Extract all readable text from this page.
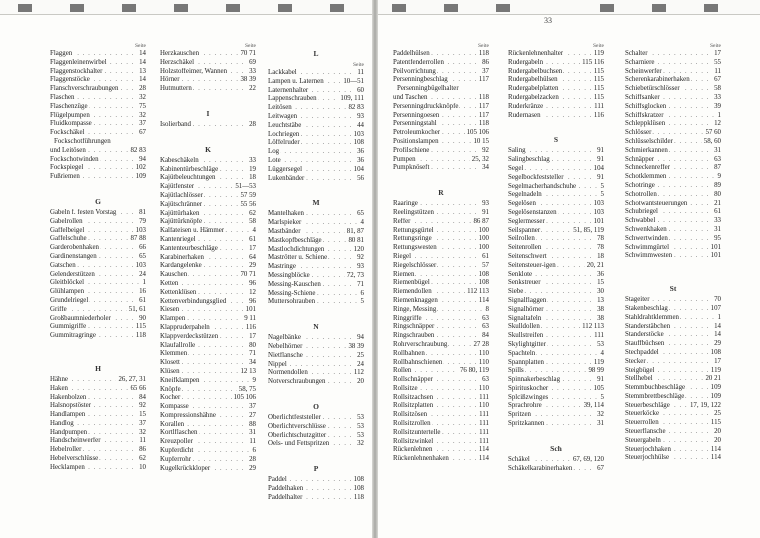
33
Seite
Flaggen	14
. . .
Flaggenleinenwirbel	14
. . .
Flaggenstockhalter	13
. . .
Flaggenstöcke	14
. . .
Flanschverschraubungen	28
. . .
Flaschen	32
. . .
Flaschenzüge	75
. . .
Flügelpumpen	32
. . .
Fluidkompasse	37
. . .
Fockschäkel	67
. . .
Fockschotführungen
und Leitösen	82 83
. . .
Fockschotwinden	94
. . .
Fockspiegel	102
. . .
Fußriemen	109
. . .
G
Gabeln f. festen Vorstag	81
. . .
Gabelrollen	79
. . .
Gaffelbeigel	103
. . .
Gaffelschuhe	87 88
. . .
Garderobenhaken	66
. . .
Gardinenstangen	65
. . .
Gatschen	103
. . .
Gelenderstützen	24
. . .
Gleitblöckel	1
. . .
Glühlampen	16
. . .
Grundelriegel	61
. . .
Griffe	51, 61
. . .
Großbaumniederholer	90
. . .
Gummigriffe	115
. . .
Gummitragringe	118
. . .
H
Hähne	26, 27, 31
. . .
Haken	65 66
. . .
Hakenbolzen	84
. . .
Halsnopstöster	92
. . .
Handlampen	15
. . .
Handlog	37
. . .
Handpumpen	32
. . .
Handscheinwerfer	11
. . .
Hebelroller	86
. . .
Hebelverschlüsse	62
. . .
Hecklampen	10
. . .
Seite
Herzkauschen	70 71
. . .
Herzschäkel	69
. . .
Holzstoffeimer, Wannen	33
. . .
Hörner	38 39
. . .
Hutmuttern	22
. . .
I
Isolierband	28
. . .
K
Kabeschäkeln	33
. . .
Kabinentürbeschläge	19
. . .
Kajütbeleuchtungen	18
. . .
Kajütfenster	51—53
. . .
Kajütlachlösser	57 59
. . .
Kajütschränner	55 56
. . .
Kajüttürhaken	62
. . .
Kajüttürknöpfe	58
. . .
Kalfateisen u. Hämmer	4
. . .
Kantenriegel	61
. . .
Kantenteurbeschläge	17
. . .
Karabinerhaken	64
. . .
Kardangelenke	29
. . .
Kauschen	70 71
. . .
Ketten	96
. . .
Kettenklüsen	12
. . .
Kettenverbindungsglied	96
. . .
Kiesen	101
. . .
Klampen	9 11
. . .
Klappruderpaheln	116
. . .
Klappverdeckstützen	17
. . .
Klaufallrolle	80
. . .
Klemmen	71
. . .
Klosett	34
. . .
Klüsen	12 13
. . .
Kneifklampen	9
. . .
Knöpfe	58, 75
. . .
Kocher	105 106
. . .
Kompasse	37
. . .
Kompressionshähne	27
. . .
Korallen	88
. . .
Kortlflaschen	31
. . .
Kreuzpoller	11
. . .
Kupferdicht	6
. . .
Kupferrohr	28
. . .
Kugelkrückkloper	29
. . .
L
Seite
Lackkabel	11
. . .
Lampen u. Laternen	10—51
. . .
Laternenhalter	60
. . .
Lappenschrauben	109, 111
. . .
Leitösen	82 83
. . .
Leitwagen	93
. . .
Leuchtstäbe	44
. . .
Lochriegen	103
. . .
Löffelruder	108
. . .
Log	36
. . .
Lote	36
. . .
Lüggersegel	104
. . .
Lukenbänder	56
. . .
M
Mantelhaken	65
. . .
Marlspieker	4
. . .
Mastbänder	81, 87
. . .
Mastkopfbeschläge	80 81
. . .
Mastlochdichtungen	120
. . .
Maströtter u. Schiene	92
. . .
Mastringe	93
. . .
Messingblöcke	72, 73
. . .
Messing-Kauschen	71
. . .
Messing-Schiene	6
. . .
Muttersohrauben	5
. . .
N
Nagelbänke	94
. . .
Nebelhörner	38 39
. . .
Nietflansche	25
. . .
Nippel	24
. . .
Normendollen	112
. . .
Notverschraubungen	20
. . .
O
Oberlichtfeststeller	53
. . .
Oberlichtverschlüsse	53
. . .
Oberlichtschutzgitter	53
. . .
Oels- und Fettspritzen	32
. . .
P
Paddel	108
. . .
Paddelhaken	108
. . .
Paddelhalter	118
. . .
Seite
Paddelhülsen	118
. . .
Patentfenderrollen	86
. . .
Peilvorrichtung	37
. . .
Persenningbeschlag	117
. . .
Persenningbügelhalter
und Taschen	118
. . .
Persenningdruckknöpfe	117
. . .
Persenningoesen	117
. . .
Persenningstahl	118
. . .
Petroleumkocher	105 106
. . .
Positionslampen	10 15
. . .
Profilschiene	92
. . .
Pumpen	25, 32
. . .
Pumpknöseft	34
. . .
R
Raaringe	93
. . .
Reelingstützen	91
. . .
Reffer	86 87
. . .
Rettungsgürtel	100
. . .
Rettungsringe	100
. . .
Rettungswesten	100
. . .
Riegel	61
. . .
Riegelschlösser	57
. . .
Riemen	108
. . .
Riemenbügel	108
. . .
Riemendollen	112 113
. . .
Riemenknaggen	114
. . .
Ringe, Messing	8
. . .
Ringgriffe	63
. . .
Ringschnäpper	63
. . .
Ringschrauben	84
. . .
Rohrverschraubung	27 28
. . .
Rollbahnen	110
. . .
Rollbahnschienen	110
. . .
Rollen	76 80, 119
. . .
Rollschnäpper	63
. . .
Rollsitze	110
. . .
Rollsitzachsen	111
. . .
Rollsitzplatten	110
. . .
Rollsitzösen	111
. . .
Rollsitzrollen	111
. . .
Rollsitzuntertelle	111
. . .
Rollsitzwinkel	111
. . .
Rückenlehnen	114
. . .
Rückenlehnenhaken	114
. . .
Seite
Rückenlehnenhalter	119
. . .
Rudergabeln	115 116
. . .
Rudergabelbuchsen	115
. . .
Rudergabelhülsen	115
. . .
Rudergabelplatten	115
. . .
Rudergabelzacken	115
. . .
Ruderkränze	111
. . .
Rudernasen	116
. . .
S
Saling	91
. . .
Salingbeschlag	91
. . .
Segel	104
. . .
Segelbockfeststeller	91
. . .
Segelmacherhandschuhe	5
. . .
Segelnadeln	5
. . .
Segelösen	103
. . .
Segelösenstanzen	103
. . .
Seglermesser	101
. . .
Seilspanner	51, 85, 119
. . .
Seilrollen	78
. . .
Seitenrollen	78
. . .
Seitenschwert	18
. . .
Seitensteuer-igen	20, 21
. . .
Senklote	36
. . .
Senkstreuer	15
. . .
Siebe	30
. . .
Signalflaggen	13
. . .
Signalhörner	38
. . .
Signaltafeln	38
. . .
Skulldollen	112 113
. . .
Skullstreifen	111
. . .
Skylightgitter	53
. . .
Spachteln	4
. . .
Spannplatten	119
. . .
Spills	98 99
. . .
Spinnakerbeschlag	91
. . .
Spirituskocher	105
. . .
Splcißzwinges	5
. . .
Sprachrohre	39, 114
. . .
Spritzen	32
. . .
Spritzkannen	31
. . .
Sch
Schäkel	67, 69, 120
. . .
Schäkelkarabinerhaken	67
. . .
Seite
Schalter	17
. . .
Scharniere	55
. . .
Scheinwerfer	11
. . .
Scherenkarabinerhaken	67
. . .
Schiebetürschlösser	58
. . .
Schiffsanker	33
. . .
Schiffsglocken	39
. . .
Schiffskratzer	1
. . .
Schleppklüsen	12
. . .
Schlösser	57 60
. . .
Schlüsselschilder	58, 60
. . .
Schmierkannen	31
. . .
Schnäpper	63
. . .
Schneckenreffer	87
. . .
Schotklemmen	9
. . .
Schotringe	89
. . .
Schotrollen	80
. . .
Schotwantsteuerungen	21
. . .
Schubriegel	61
. . .
Schwabbel	33
. . .
Schwenkhaken	31
. . .
Schwertwinden	95
. . .
Schwimmgürtel	101
. . .
Schwimmwesten	101
. . .
St
Stageiter	70
. . .
Stakenbeschlag	107
. . .
Stahldrahtklemmen	1
. . .
Standerstäbchen	14
. . .
Standerstöcke	14
. . .
Stauffbüchsen	29
. . .
Stechpaddel	108
. . .
Stecker	17
. . .
Steigbügel	119
. . .
Stellhebel	20 21
. . .
Stemmbuchbeschläge	109
. . .
Stemmbrettbeschläge	109
. . .
Steuerbeschläge	17, 19, 122
. . .
Steuerköcke	25
. . .
Steuerrollen	115
. . .
Steuerflansche	20
. . .
Steuergabeln	20
. . .
Steuerjochhaken	114
. . .
Steuerjochhülse	114
. . .
